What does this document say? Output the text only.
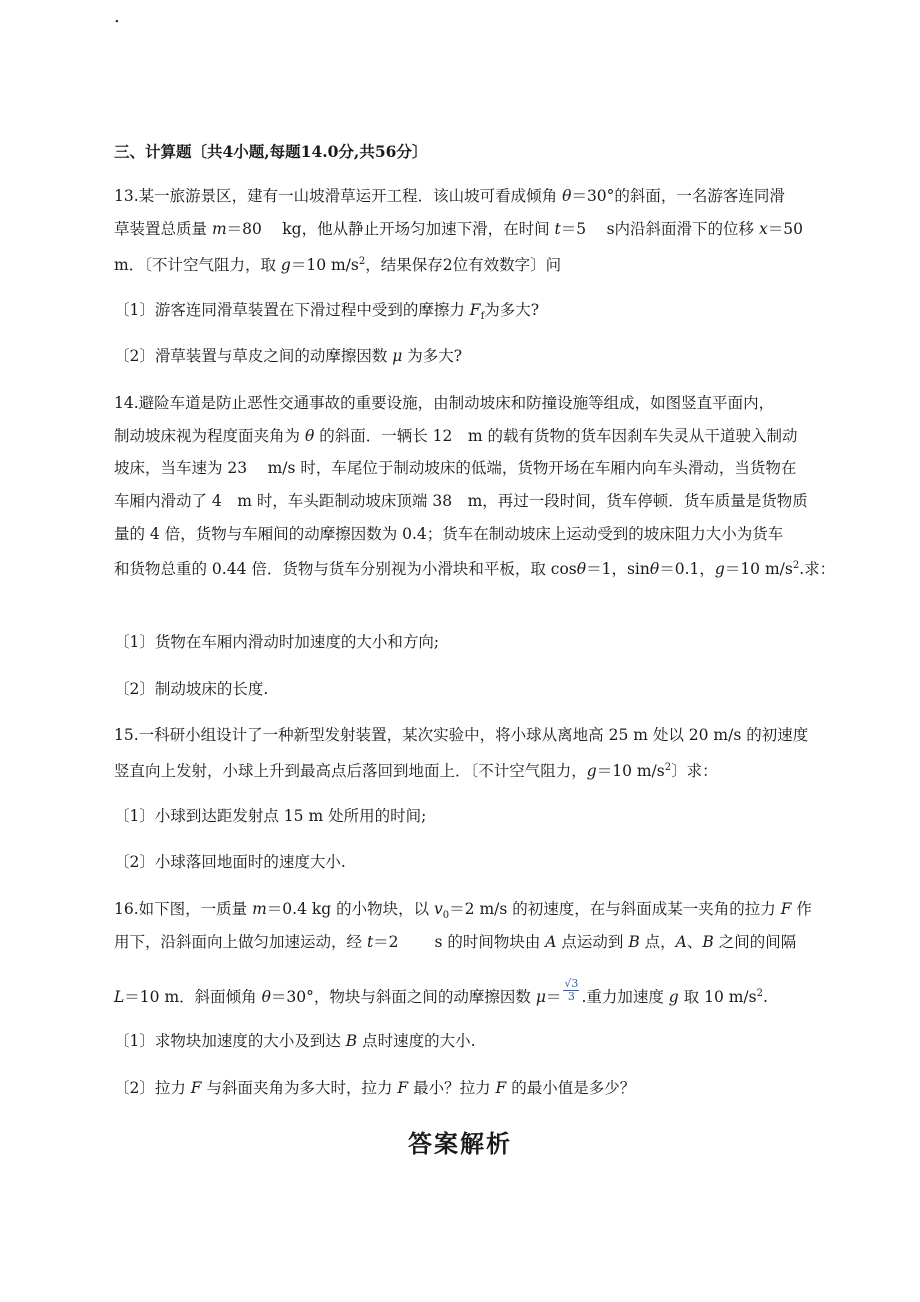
.
三、计算题〔共4小题,每题14.0分,共56分〕
13.某一旅游景区，建有一山坡滑草运开工程．该山坡可看成倾角 θ＝30°的斜面，一名游客连同滑
草装置总质量 m＝80　 kg，他从静止开场匀加速下滑，在时间 t＝5　 s内沿斜面滑下的位移 x＝50
m．〔不计空气阻力，取 g＝10 $m/s^2$，结果保存2位有效数字〕问
〔1〕游客连同滑草装置在下滑过程中受到的摩擦力 $F_f$为多大?
〔2〕滑草装置与草皮之间的动摩擦因数 μ 为多大?
14.避险车道是防止恶性交通事故的重要设施，由制动坡床和防撞设施等组成，如图竖直平面内，
制动坡床视为程度面夹角为 θ 的斜面．一辆长 12　m 的载有货物的货车因刹车失灵从干道驶入制动
坡床，当车速为 23　 m/s 时，车尾位于制动坡床的低端，货物开场在车厢内向车头滑动，当货物在
车厢内滑动了 4　m 时，车头距制动坡床顶端 38　m，再过一段时间，货车停顿．货车质量是货物质
量的 4 倍，货物与车厢间的动摩擦因数为 0.4；货车在制动坡床上运动受到的坡床阻力大小为货车
和货物总重的 0.44 倍．货物与货车分别视为小滑块和平板，取 cosθ＝1，sinθ＝0.1，g＝10 $m/s^2$.求：
〔1〕货物在车厢内滑动时加速度的大小和方向;
〔2〕制动坡床的长度.
15.一科研小组设计了一种新型发射装置，某次实验中，将小球从离地高 25 m 处以 20 m/s 的初速度
竖直向上发射，小球上升到最高点后落回到地面上．〔不计空气阻力，g＝10 $m/s^2$〕求：
〔1〕小球到达距发射点 15 m 处所用的时间;
〔2〕小球落回地面时的速度大小.
16.如下图，一质量 m＝0.4 kg 的小物块，以 $v_0=2$ m/s 的初速度，在与斜面成某一夹角的拉力 F 作
用下，沿斜面向上做匀加速运动，经 t＝2　　 s 的时间物块由 A 点运动到 B 点，A、B 之间的间隔
L＝10 m．斜面倾角 θ＝30°，物块与斜面之间的动摩擦因数 $\mu= \frac{√3}{3}$ .重力加速度 g 取 10 $m/s^2$.
〔1〕求物块加速度的大小及到达 B 点时速度的大小.
〔2〕拉力 F 与斜面夹角为多大时，拉力 F 最小？拉力 F 的最小值是多少？
答案解析
